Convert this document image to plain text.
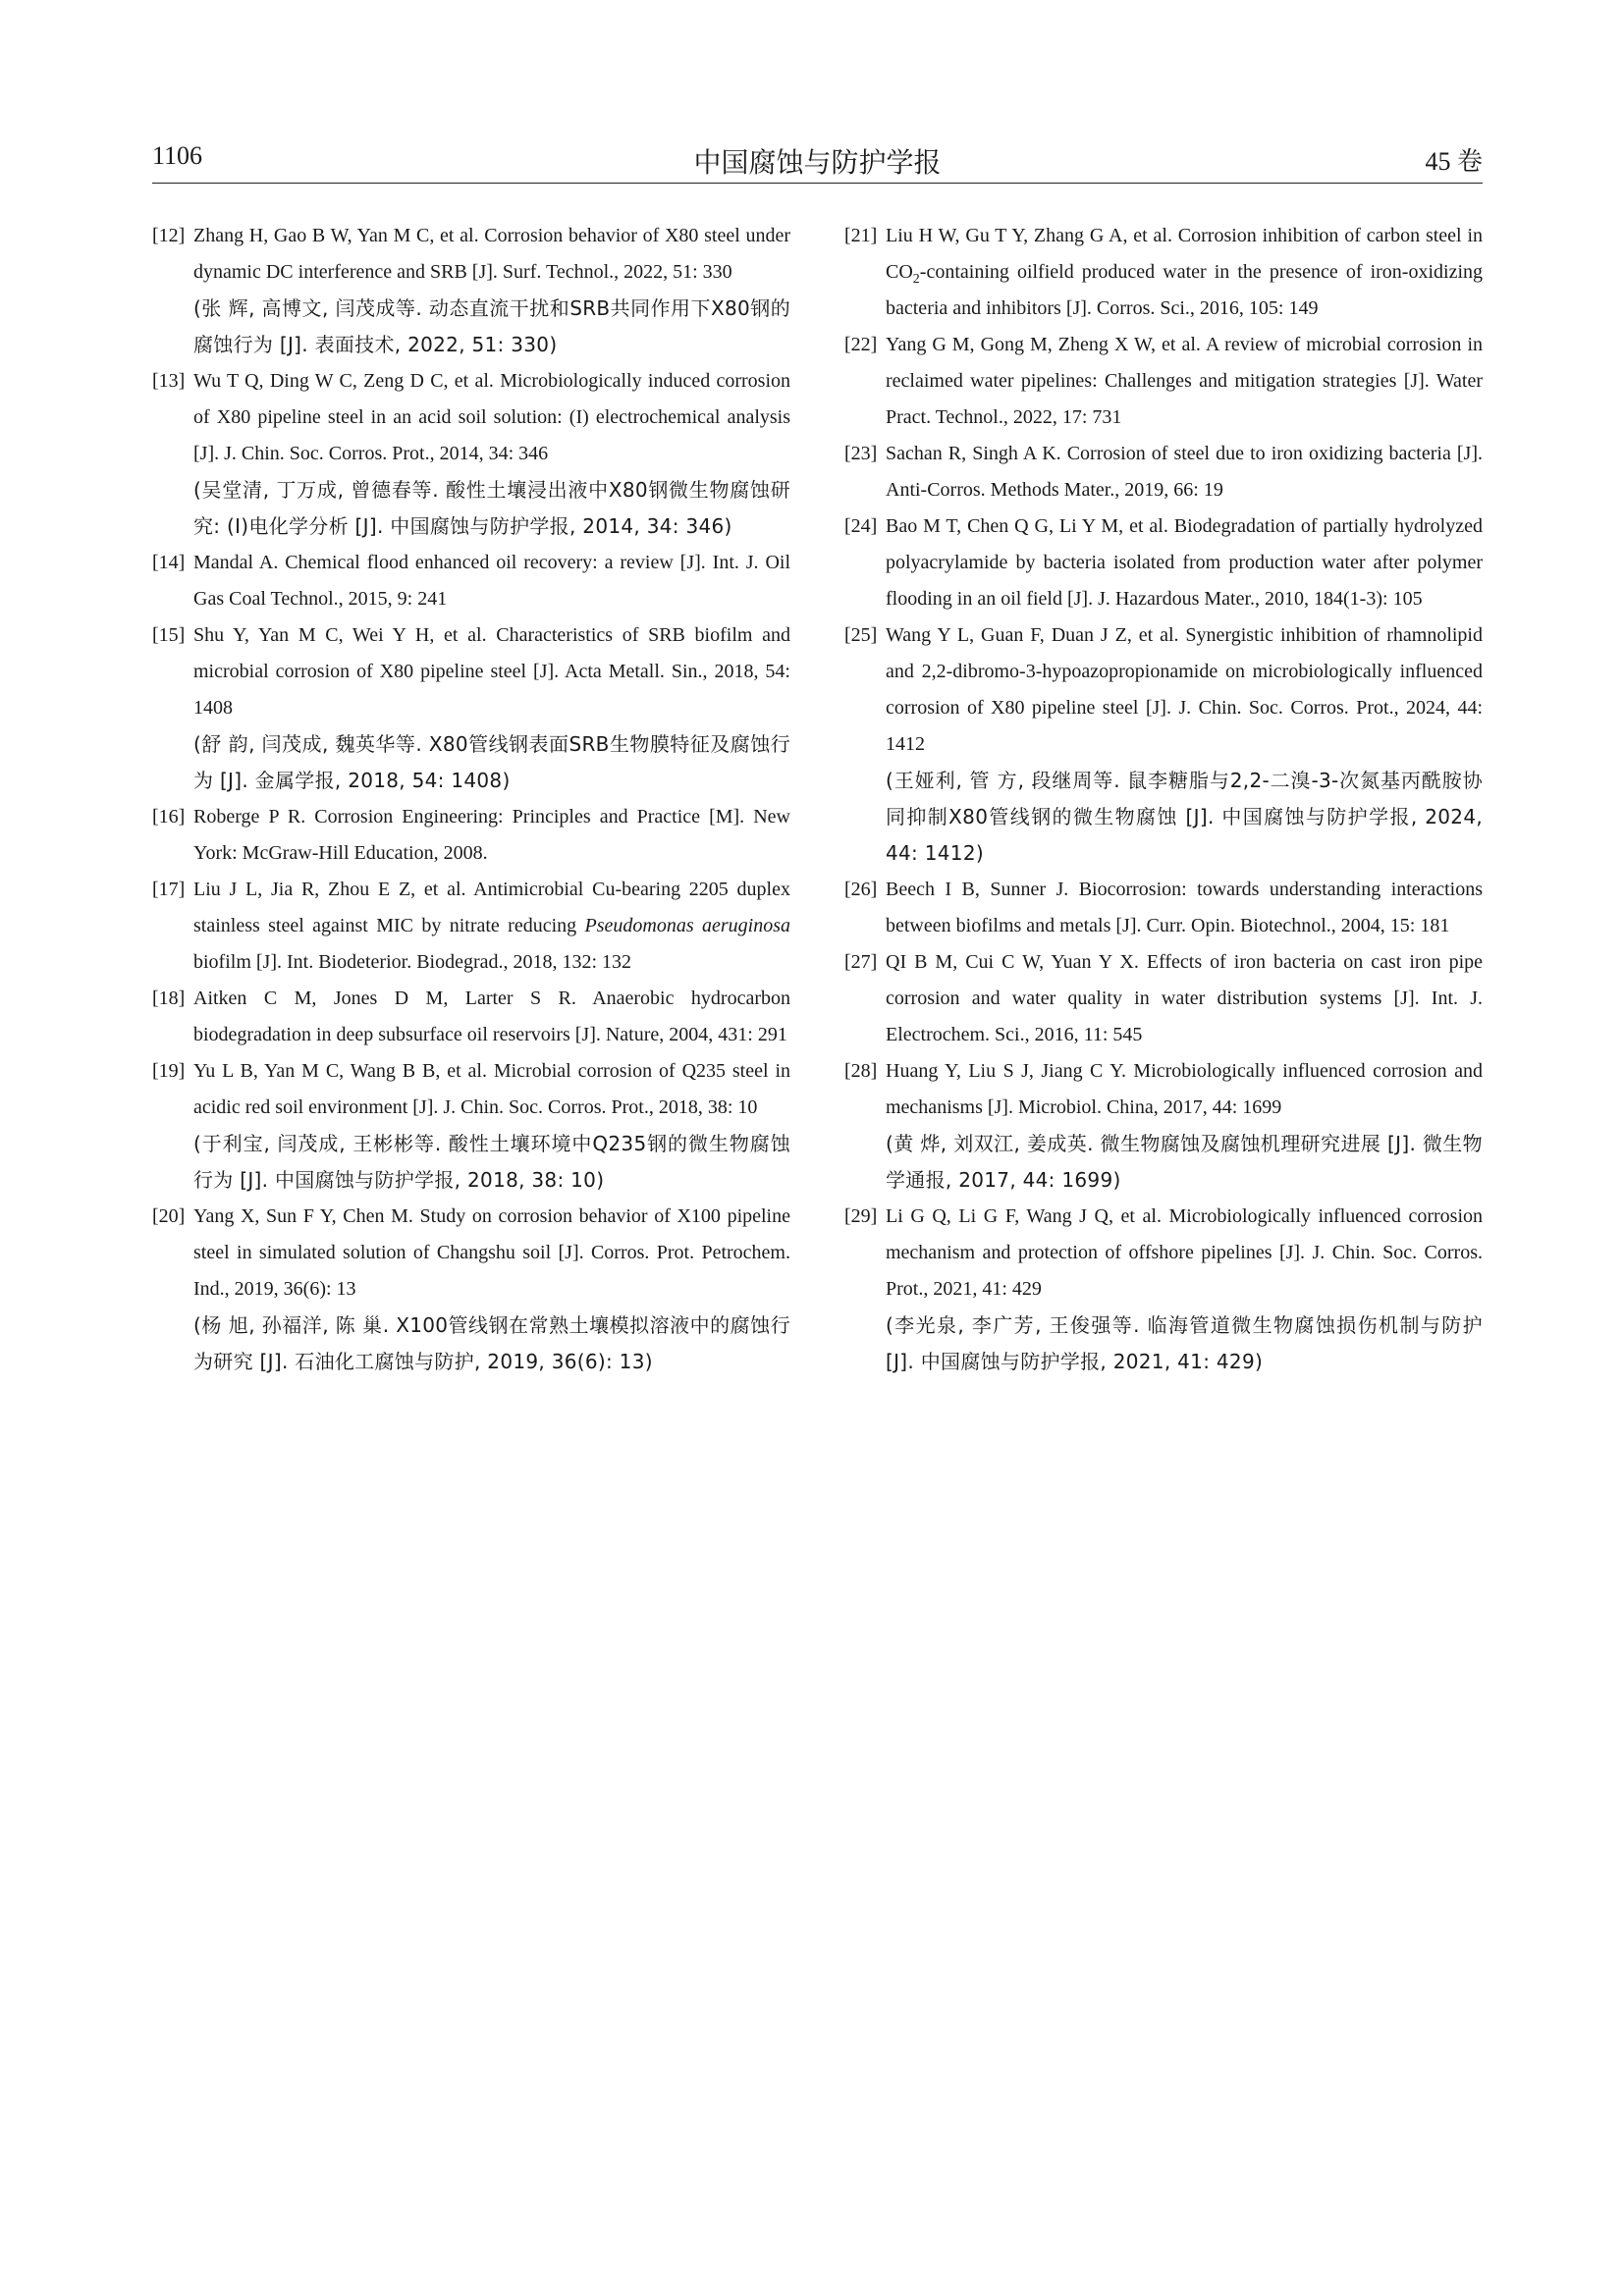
1106	中国腐蚀与防护学报	45 卷
[12] Zhang H, Gao B W, Yan M C, et al. Corrosion behavior of X80 steel under dynamic DC interference and SRB [J]. Surf. Technol., 2022, 51: 330
(张 辉, 高博文, 闫茂成等. 动态直流干扰和SRB共同作用下X80钢的腐蚀行为 [J]. 表面技术, 2022, 51: 330)
[13] Wu T Q, Ding W C, Zeng D C, et al. Microbiologically induced corrosion of X80 pipeline steel in an acid soil solution: (I) electrochemical analysis [J]. J. Chin. Soc. Corros. Prot., 2014, 34: 346
(吴堂清, 丁万成, 曾德春等. 酸性土壤浸出液中X80钢微生物腐蚀研究: (I)电化学分析 [J]. 中国腐蚀与防护学报, 2014, 34: 346)
[14] Mandal A. Chemical flood enhanced oil recovery: a review [J]. Int. J. Oil Gas Coal Technol., 2015, 9: 241
[15] Shu Y, Yan M C, Wei Y H, et al. Characteristics of SRB biofilm and microbial corrosion of X80 pipeline steel [J]. Acta Metall. Sin., 2018, 54: 1408
(舒 韵, 闫茂成, 魏英华等. X80管线钢表面SRB生物膜特征及腐蚀行为 [J]. 金属学报, 2018, 54: 1408)
[16] Roberge P R. Corrosion Engineering: Principles and Practice [M]. New York: McGraw-Hill Education, 2008.
[17] Liu J L, Jia R, Zhou E Z, et al. Antimicrobial Cu-bearing 2205 duplex stainless steel against MIC by nitrate reducing Pseudomonas aeruginosa biofilm [J]. Int. Biodeterior. Biodegrad., 2018, 132: 132
[18] Aitken C M, Jones D M, Larter S R. Anaerobic hydrocarbon biodegradation in deep subsurface oil reservoirs [J]. Nature, 2004, 431: 291
[19] Yu L B, Yan M C, Wang B B, et al. Microbial corrosion of Q235 steel in acidic red soil environment [J]. J. Chin. Soc. Corros. Prot., 2018, 38: 10
(于利宝, 闫茂成, 王彬彬等. 酸性土壤环境中Q235钢的微生物腐蚀行为 [J]. 中国腐蚀与防护学报, 2018, 38: 10)
[20] Yang X, Sun F Y, Chen M. Study on corrosion behavior of X100 pipeline steel in simulated solution of Changshu soil [J]. Corros. Prot. Petrochem. Ind., 2019, 36(6): 13
(杨 旭, 孙福洋, 陈 巢. X100管线钢在常熟土壤模拟溶液中的腐蚀行为研究 [J]. 石油化工腐蚀与防护, 2019, 36(6): 13)
[21] Liu H W, Gu T Y, Zhang G A, et al. Corrosion inhibition of carbon steel in $CO_2$-containing oilfield produced water in the presence of iron-oxidizing bacteria and inhibitors [J]. Corros. Sci., 2016, 105: 149
[22] Yang G M, Gong M, Zheng X W, et al. A review of microbial corrosion in reclaimed water pipelines: Challenges and mitigation strategies [J]. Water Pract. Technol., 2022, 17: 731
[23] Sachan R, Singh A K. Corrosion of steel due to iron oxidizing bacteria [J]. Anti-Corros. Methods Mater., 2019, 66: 19
[24] Bao M T, Chen Q G, Li Y M, et al. Biodegradation of partially hydrolyzed polyacrylamide by bacteria isolated from production water after polymer flooding in an oil field [J]. J. Hazardous Mater., 2010, 184(1-3): 105
[25] Wang Y L, Guan F, Duan J Z, et al. Synergistic inhibition of rhamnolipid and 2,2-dibromo-3-hypoazopropionamide on microbiologically influenced corrosion of X80 pipeline steel [J]. J. Chin. Soc. Corros. Prot., 2024, 44: 1412
(王娅利, 管 方, 段继周等. 鼠李糖脂与2,2-二溴-3-次氮基丙酰胺协同抑制X80管线钢的微生物腐蚀 [J]. 中国腐蚀与防护学报, 2024, 44: 1412)
[26] Beech I B, Sunner J. Biocorrosion: towards understanding interactions between biofilms and metals [J]. Curr. Opin. Biotechnol., 2004, 15: 181
[27] QI B M, Cui C W, Yuan Y X. Effects of iron bacteria on cast iron pipe corrosion and water quality in water distribution systems [J]. Int. J. Electrochem. Sci., 2016, 11: 545
[28] Huang Y, Liu S J, Jiang C Y. Microbiologically influenced corrosion and mechanisms [J]. Microbiol. China, 2017, 44: 1699
(黄 烨, 刘双江, 姜成英. 微生物腐蚀及腐蚀机理研究进展 [J]. 微生物学通报, 2017, 44: 1699)
[29] Li G Q, Li G F, Wang J Q, et al. Microbiologically influenced corrosion mechanism and protection of offshore pipelines [J]. J. Chin. Soc. Corros. Prot., 2021, 41: 429
(李光泉, 李广芳, 王俊强等. 临海管道微生物腐蚀损伤机制与防护 [J]. 中国腐蚀与防护学报, 2021, 41: 429)
